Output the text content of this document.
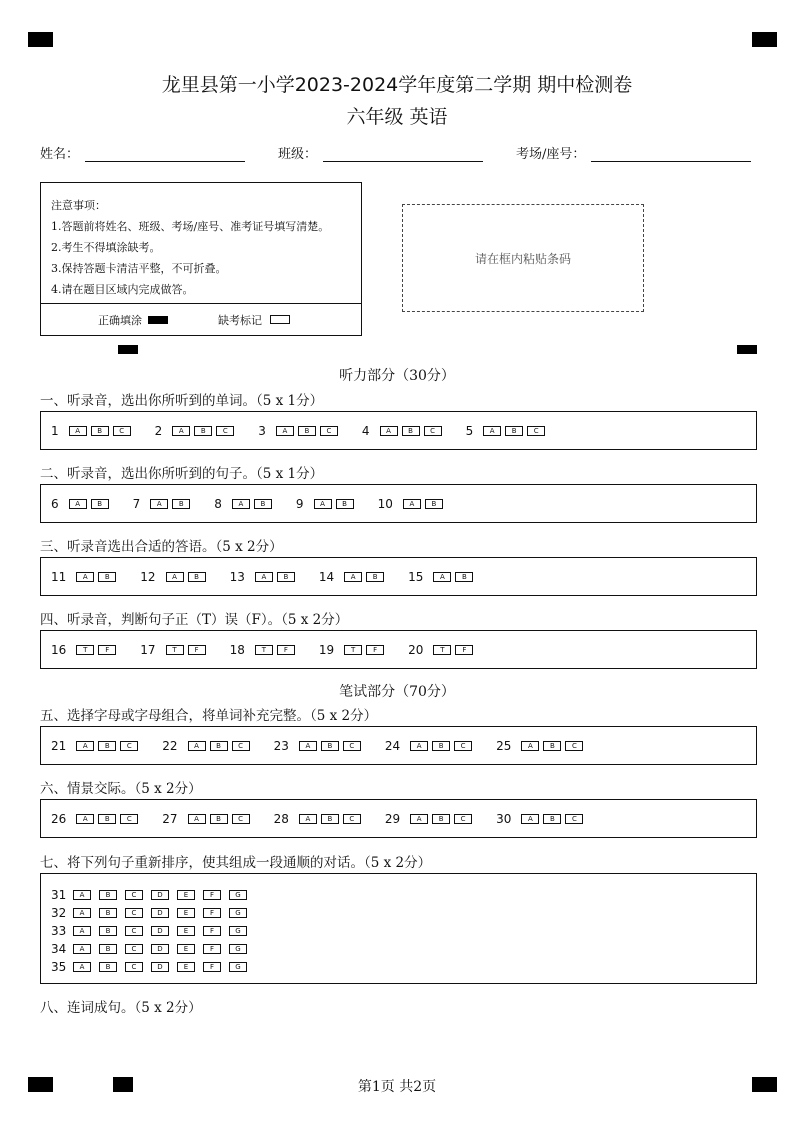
龙里县第一小学2023-2024学年度第二学期 期中检测卷
六年级 英语
姓名：	班级：	考场/座号：
注意事项：
1.答题前将姓名、班级、考场/座号、准考证号填写清楚。
2.考生不得填涂缺考。
3.保持答题卡清洁平整，不可折叠。
4.请在题目区域内完成做答。
正确填涂	缺考标记
请在框内粘贴条码
听力部分（30分）
一、听录音，选出你所听到的单词。（5 x 1分）
1	A	B	C	2	A	B	C	3	A	B	C	4	A	B	C	5	A	B	C
二、听录音，选出你所听到的句子。（5 x 1分）
6	A	B	7	A	B	8	A	B	9	A	B	10	A	B
三、听录音选出合适的答语。（5 x 2分）
11	A	B	12	A	B	13	A	B	14	A	B	15	A	B
四、听录音，判断句子正（T）误（F）。（5 x 2分）
16	T	F	17	T	F	18	T	F	19	T	F	20	T	F
笔试部分（70分）
五、选择字母或字母组合，将单词补充完整。（5 x 2分）
21	A	B	C	22	A	B	C	23	A	B	C	24	A	B	C	25	A	B	C
六、情景交际。（5 x 2分）
26	A	B	C	27	A	B	C	28	A	B	C	29	A	B	C	30	A	B	C
七、将下列句子重新排序，使其组成一段通顺的对话。（5 x 2分）
31	A	B	C	D	E	F	G
32	A	B	C	D	E	F	G
33	A	B	C	D	E	F	G
34	A	B	C	D	E	F	G
35	A	B	C	D	E	F	G
八、连词成句。（5 x 2分）
第1页 共2页
